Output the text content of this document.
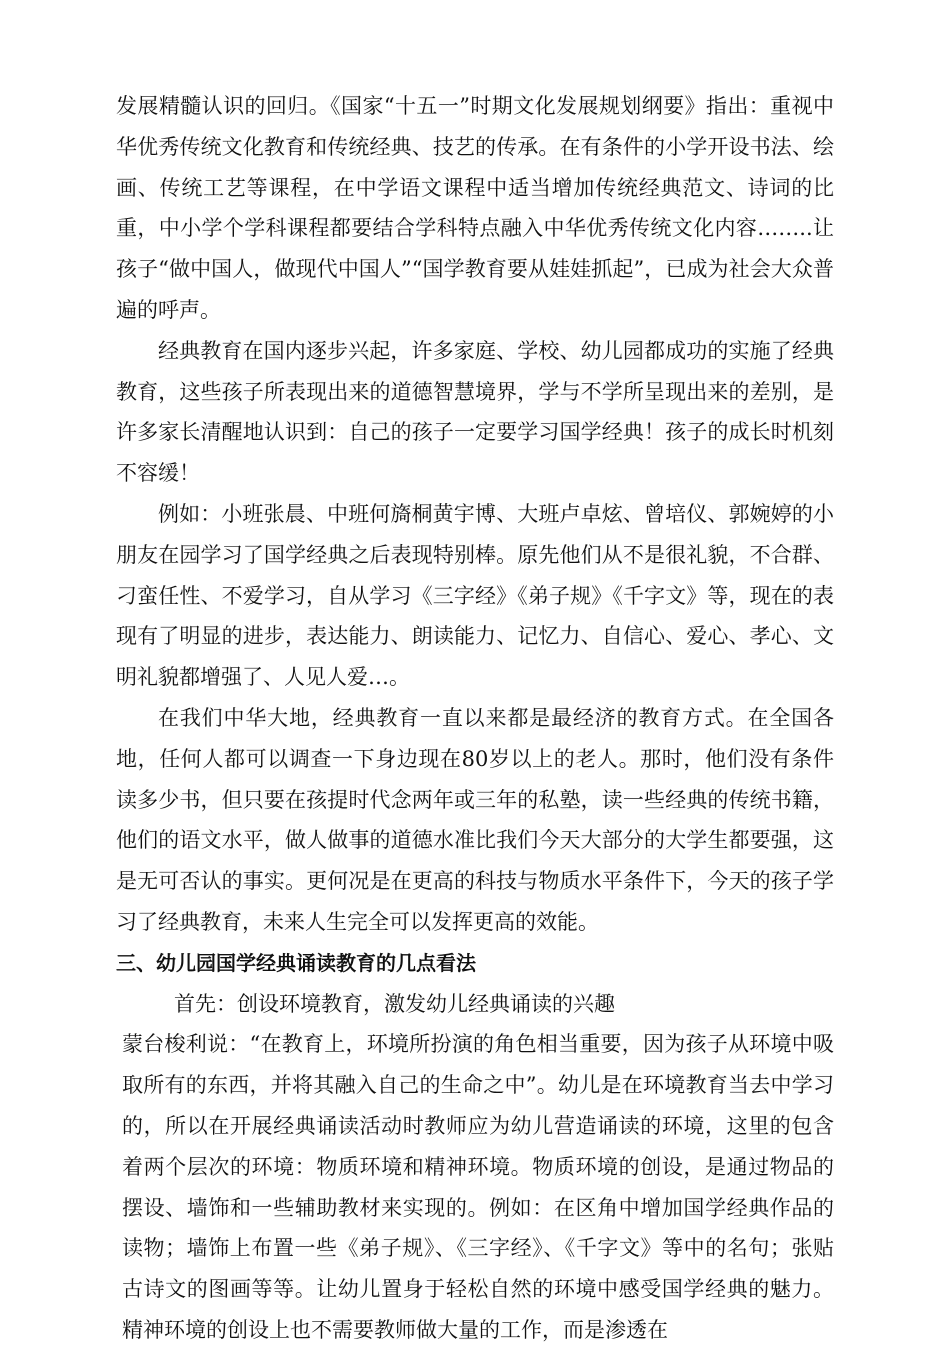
发展精髓认识的回归。《国家“十五一”时期文化发展规划纲要》指出：重视中华优秀传统文化教育和传统经典、技艺的传承。在有条件的小学开设书法、绘画、传统工艺等课程，在中学语文课程中适当增加传统经典范文、诗词的比重，中小学个学科课程都要结合学科特点融入中华优秀传统文化内容……..让孩子“做中国人，做现代中国人”“国学教育要从娃娃抓起”，已成为社会大众普遍的呼声。

经典教育在国内逐步兴起，许多家庭、学校、幼儿园都成功的实施了经典教育，这些孩子所表现出来的道德智慧境界，学与不学所呈现出来的差别，是许多家长清醒地认识到：自己的孩子一定要学习国学经典！孩子的成长时机刻不容缓！

例如：小班张晨、中班何旖桐黄宇博、大班卢卓炫、曾培仪、郭婉婷的小朋友在园学习了国学经典之后表现特别棒。原先他们从不是很礼貌，不合群、刁蛮任性、不爱学习，自从学习《三字经》《弟子规》《千字文》等，现在的表现有了明显的进步，表达能力、朗读能力、记忆力、自信心、爱心、孝心、文明礼貌都增强了、人见人爱…。

在我们中华大地，经典教育一直以来都是最经济的教育方式。在全国各地，任何人都可以调查一下身边现在80岁以上的老人。那时，他们没有条件读多少书，但只要在孩提时代念两年或三年的私塾，读一些经典的传统书籍，他们的语文水平，做人做事的道德水准比我们今天大部分的大学生都要强，这是无可否认的事实。更何况是在更高的科技与物质水平条件下，今天的孩子学习了经典教育，未来人生完全可以发挥更高的效能。

三、幼儿园国学经典诵读教育的几点看法

首先：创设环境教育，激发幼儿经典诵读的兴趣

蒙台梭利说：“在教育上，环境所扮演的角色相当重要，因为孩子从环境中吸取所有的东西，并将其融入自己的生命之中”。幼儿是在环境教育当去中学习的，所以在开展经典诵读活动时教师应为幼儿营造诵读的环境，这里的包含着两个层次的环境：物质环境和精神环境。物质环境的创设，是通过物品的摆设、墙饰和一些辅助教材来实现的。例如：在区角中增加国学经典作品的读物；墙饰上布置一些《弟子规》、《三字经》、《千字文》等中的名句；张贴古诗文的图画等等。让幼儿置身于轻松自然的环境中感受国学经典的魅力。精神环境的创设上也不需要教师做大量的工作，而是渗透在
